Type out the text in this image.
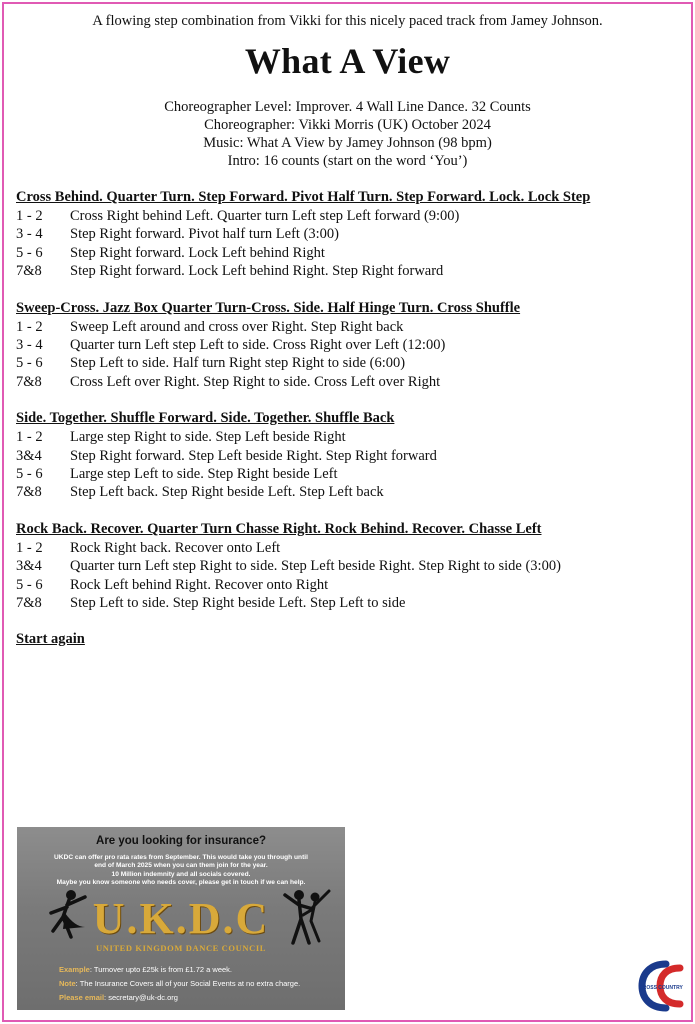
A flowing step combination from Vikki for this nicely paced track from Jamey Johnson.
What A View
Choreographer Level: Improver. 4 Wall Line Dance. 32 Counts
Choreographer: Vikki Morris (UK) October 2024
Music: What A View by Jamey Johnson (98 bpm)
Intro: 16 counts (start on the word ‘You’)
Cross Behind. Quarter Turn. Step Forward. Pivot Half Turn. Step Forward. Lock. Lock Step
1 - 2	Cross Right behind Left. Quarter turn Left step Left forward (9:00)
3 - 4	Step Right forward. Pivot half turn Left (3:00)
5 - 6	Step Right forward. Lock Left behind Right
7&8	Step Right forward. Lock Left behind Right. Step Right forward
Sweep-Cross. Jazz Box Quarter Turn-Cross. Side. Half Hinge Turn. Cross Shuffle
1 - 2	Sweep Left around and cross over Right. Step Right back
3 - 4	Quarter turn Left step Left to side. Cross Right over Left (12:00)
5 - 6	Step Left to side. Half turn Right step Right to side (6:00)
7&8	Cross Left over Right. Step Right to side. Cross Left over Right
Side. Together. Shuffle Forward. Side. Together. Shuffle Back
1 - 2	Large step Right to side. Step Left beside Right
3&4	Step Right forward. Step Left beside Right. Step Right forward
5 - 6	Large step Left to side. Step Right beside Left
7&8	Step Left back. Step Right beside Left. Step Left back
Rock Back. Recover. Quarter Turn Chasse Right. Rock Behind. Recover. Chasse Left
1 - 2	Rock Right back. Recover onto Left
3&4	Quarter turn Left step Right to side. Step Left beside Right. Step Right to side (3:00)
5 - 6	Rock Left behind Right. Recover onto Right
7&8	Step Left to side. Step Right beside Left. Step Left to side
Start again
Are you looking for insurance?
UKDC can offer pro rata rates from September. This would take you through until
end of March 2025 when you can them join for the year.
10 Million indemnity and all socials covered.
Maybe you know someone who needs cover, please get in touch if we can help.
U.K.D.C
UNITED KINGDOM DANCE COUNCIL
Example: Turnover upto £25k is from £1.72 a week.
Note: The Insurance Covers all of your Social Events at no extra charge.
Please email: secretary@uk-dc.org
CROSS COUNTRY
